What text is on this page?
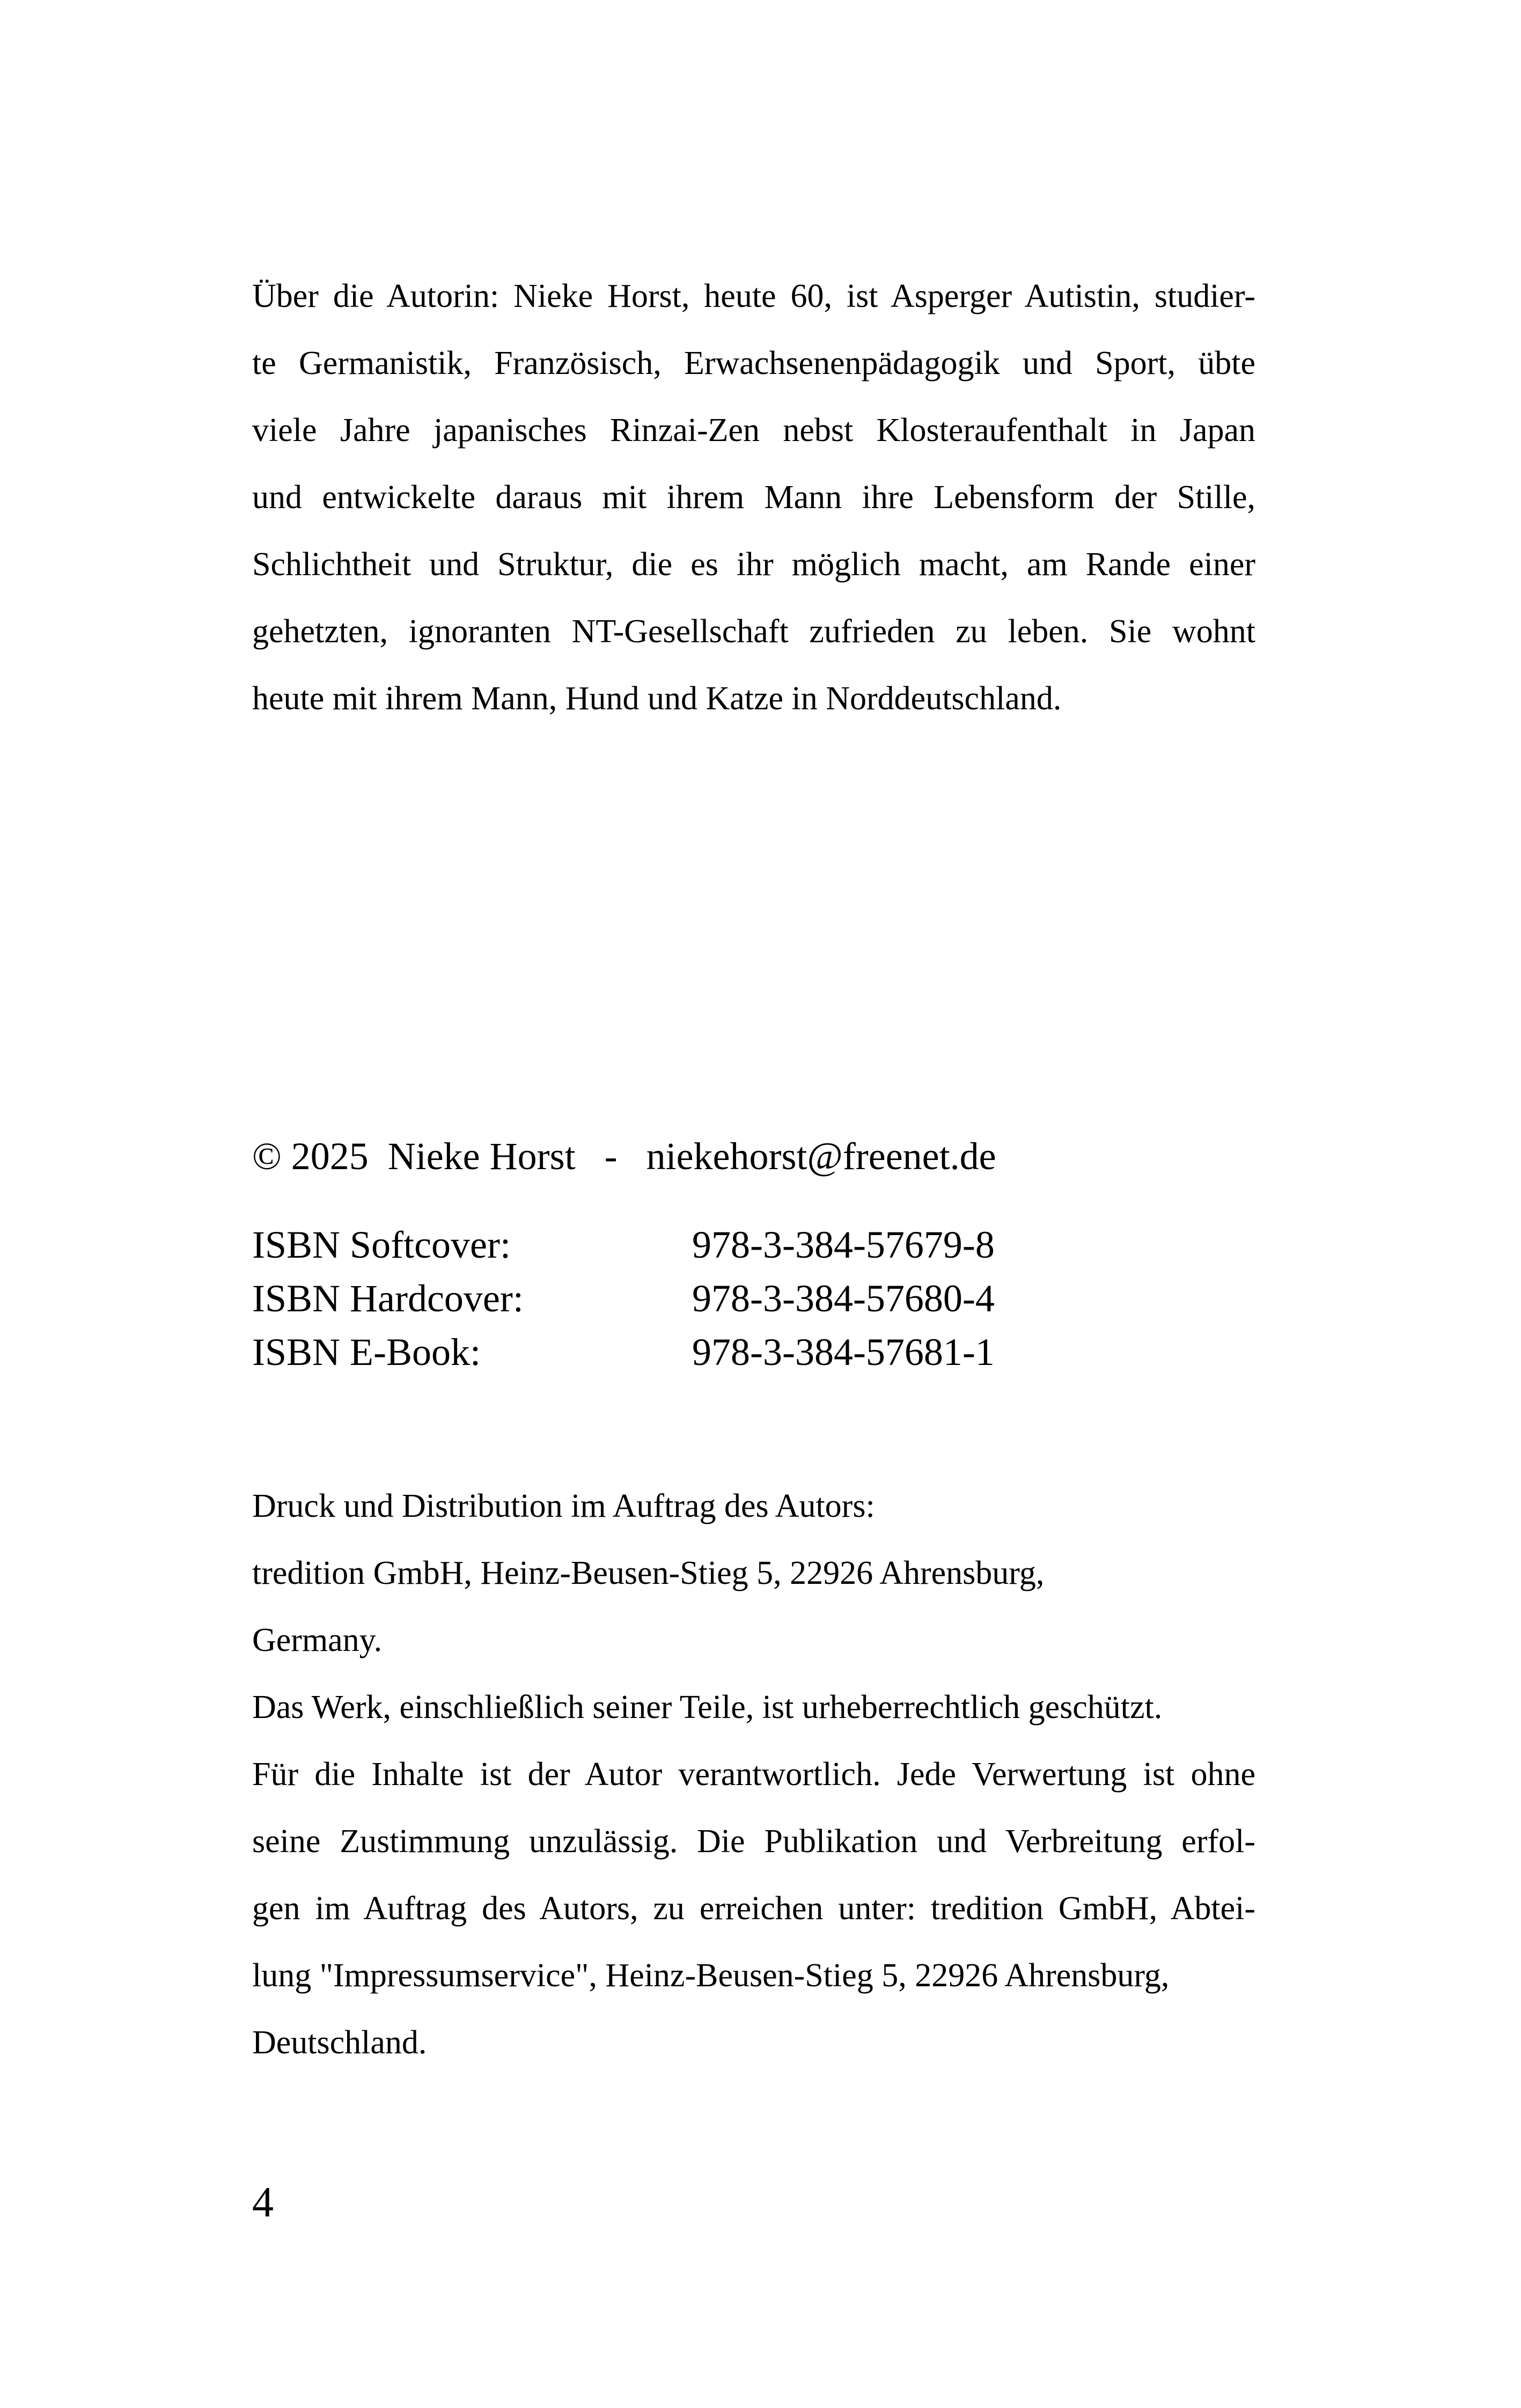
Über die Autorin: Nieke Horst, heute 60, ist Asperger Autistin, studier-
te Germanistik, Französisch, Erwachsenenpädagogik und Sport, übte
viele Jahre japanisches Rinzai-Zen nebst Klosteraufenthalt in Japan
und entwickelte daraus mit ihrem Mann ihre Lebensform der Stille,
Schlichtheit und Struktur, die es ihr möglich macht, am Rande einer
gehetzten, ignoranten NT-Gesellschaft zufrieden zu leben. Sie wohnt
heute mit ihrem Mann, Hund und Katze in Norddeutschland.
© 2025  Nieke Horst   -   niekehorst@freenet.de
ISBN Softcover:	978-3-384-57679-8
ISBN Hardcover:	978-3-384-57680-4
ISBN E-Book:	978-3-384-57681-1
Druck und Distribution im Auftrag des Autors:
tredition GmbH, Heinz-Beusen-Stieg 5, 22926 Ahrensburg,
Germany.
Das Werk, einschließlich seiner Teile, ist urheberrechtlich geschützt.
Für die Inhalte ist der Autor verantwortlich. Jede Verwertung ist ohne
seine Zustimmung unzulässig. Die Publikation und Verbreitung erfol-
gen im Auftrag des Autors, zu erreichen unter: tredition GmbH, Abtei-
lung "Impressumservice", Heinz-Beusen-Stieg 5, 22926 Ahrensburg,
Deutschland.
4
